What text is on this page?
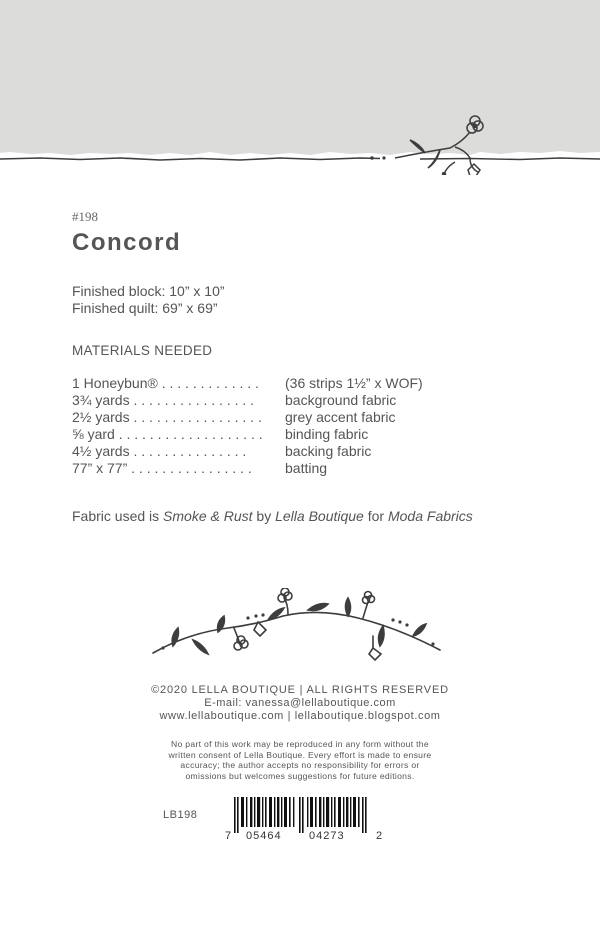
#198
Concord
Finished block: 10” x 10”
Finished quilt: 69” x 69”
MATERIALS NEEDED
1 Honeybun® . . . . . . . . . . . . .	(36 strips 1½” x WOF)
3¾ yards . . . . . . . . . . . . . . . .	background fabric
2½ yards . . . . . . . . . . . . . . . . .	grey accent fabric
⅝ yard . . . . . . . . . . . . . . . . . . .	binding fabric
4½ yards . . . . . . . . . . . . . . .	backing fabric
77” x 77” . . . . . . . . . . . . . . . .	batting
Fabric used is Smoke & Rust by Lella Boutique for Moda Fabrics
©2020 LELLA BOUTIQUE | ALL RIGHTS RESERVED
E-mail: vanessa@lellaboutique.com
www.lellaboutique.com | lellaboutique.blogspot.com
No part of this work may be reproduced in any form without the
written consent of Lella Boutique. Every effort is made to ensure
accuracy; the author accepts no responsibility for errors or
omissions but welcomes suggestions for future editions.
LB198
7 05464 04273	2
